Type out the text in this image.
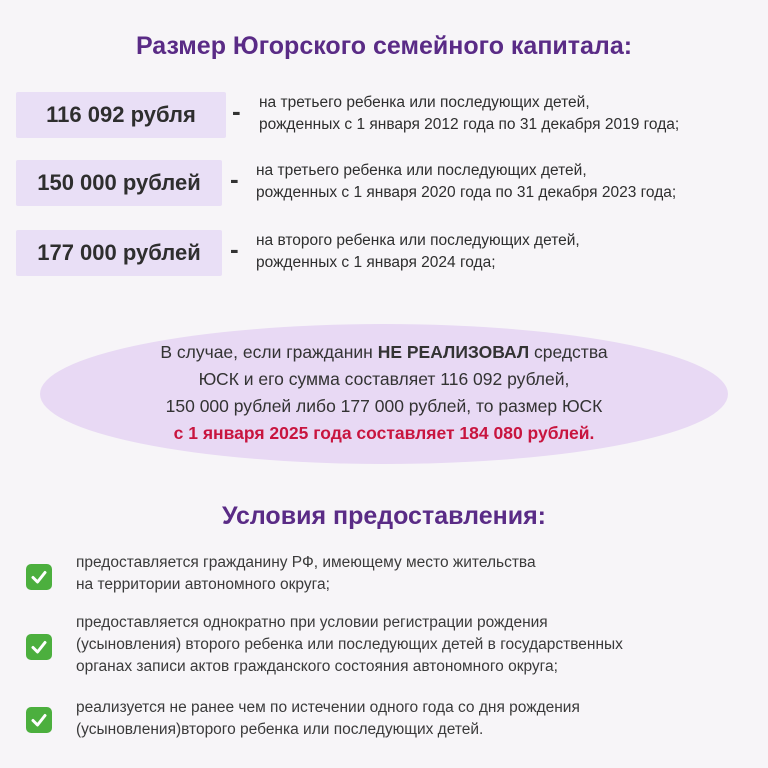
Размер Югорского семейного капитала:
116 092 рубля	- на третьего ребенка или последующих детей,
рожденных с 1 января 2012 года по 31 декабря 2019 года;
150 000 рублей	- на третьего ребенка или последующих детей,
рожденных с 1 января 2020 года по 31 декабря 2023 года;
177 000 рублей	- на второго ребенка или последующих детей,
рожденных с 1 января 2024 года;
В случае, если гражданин НЕ РЕАЛИЗОВАЛ средства
ЮСК и его сумма составляет 116 092 рублей,
150 000 рублей либо 177 000 рублей, то размер ЮСК
с 1 января 2025 года составляет 184 080 рублей.
Условия предоставления:
предоставляется гражданину РФ, имеющему место жительства
на территории автономного округа;
предоставляется однократно при условии регистрации рождения
(усыновления) второго ребенка или последующих детей в государственных
органах записи актов гражданского состояния автономного округа;
реализуется не ранее чем по истечении одного года со дня рождения
(усыновления)второго ребенка или последующих детей.
